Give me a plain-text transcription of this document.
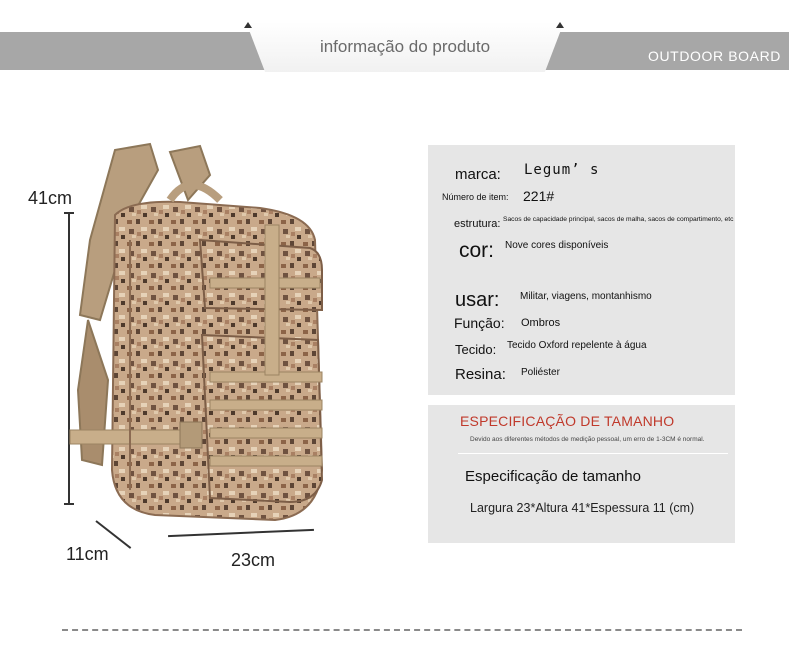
OUTDOOR BOARD
informação do produto
41cm
23cm
11cm
marca: Legum’ s
Número de item: 221#
estrutura: Sacos de capacidade principal, sacos de malha, sacos de compartimento, etc
cor: Nove cores disponíveis
usar: Militar, viagens, montanhismo
Função: Ombros
Tecido: Tecido Oxford repelente à água
Resina: Poliéster
ESPECIFICAÇÃO DE TAMANHO
Devido aos diferentes métodos de medição pessoal, um erro de 1-3CM é normal.
Especificação de tamanho
Largura 23*Altura 41*Espessura 11 (cm)
